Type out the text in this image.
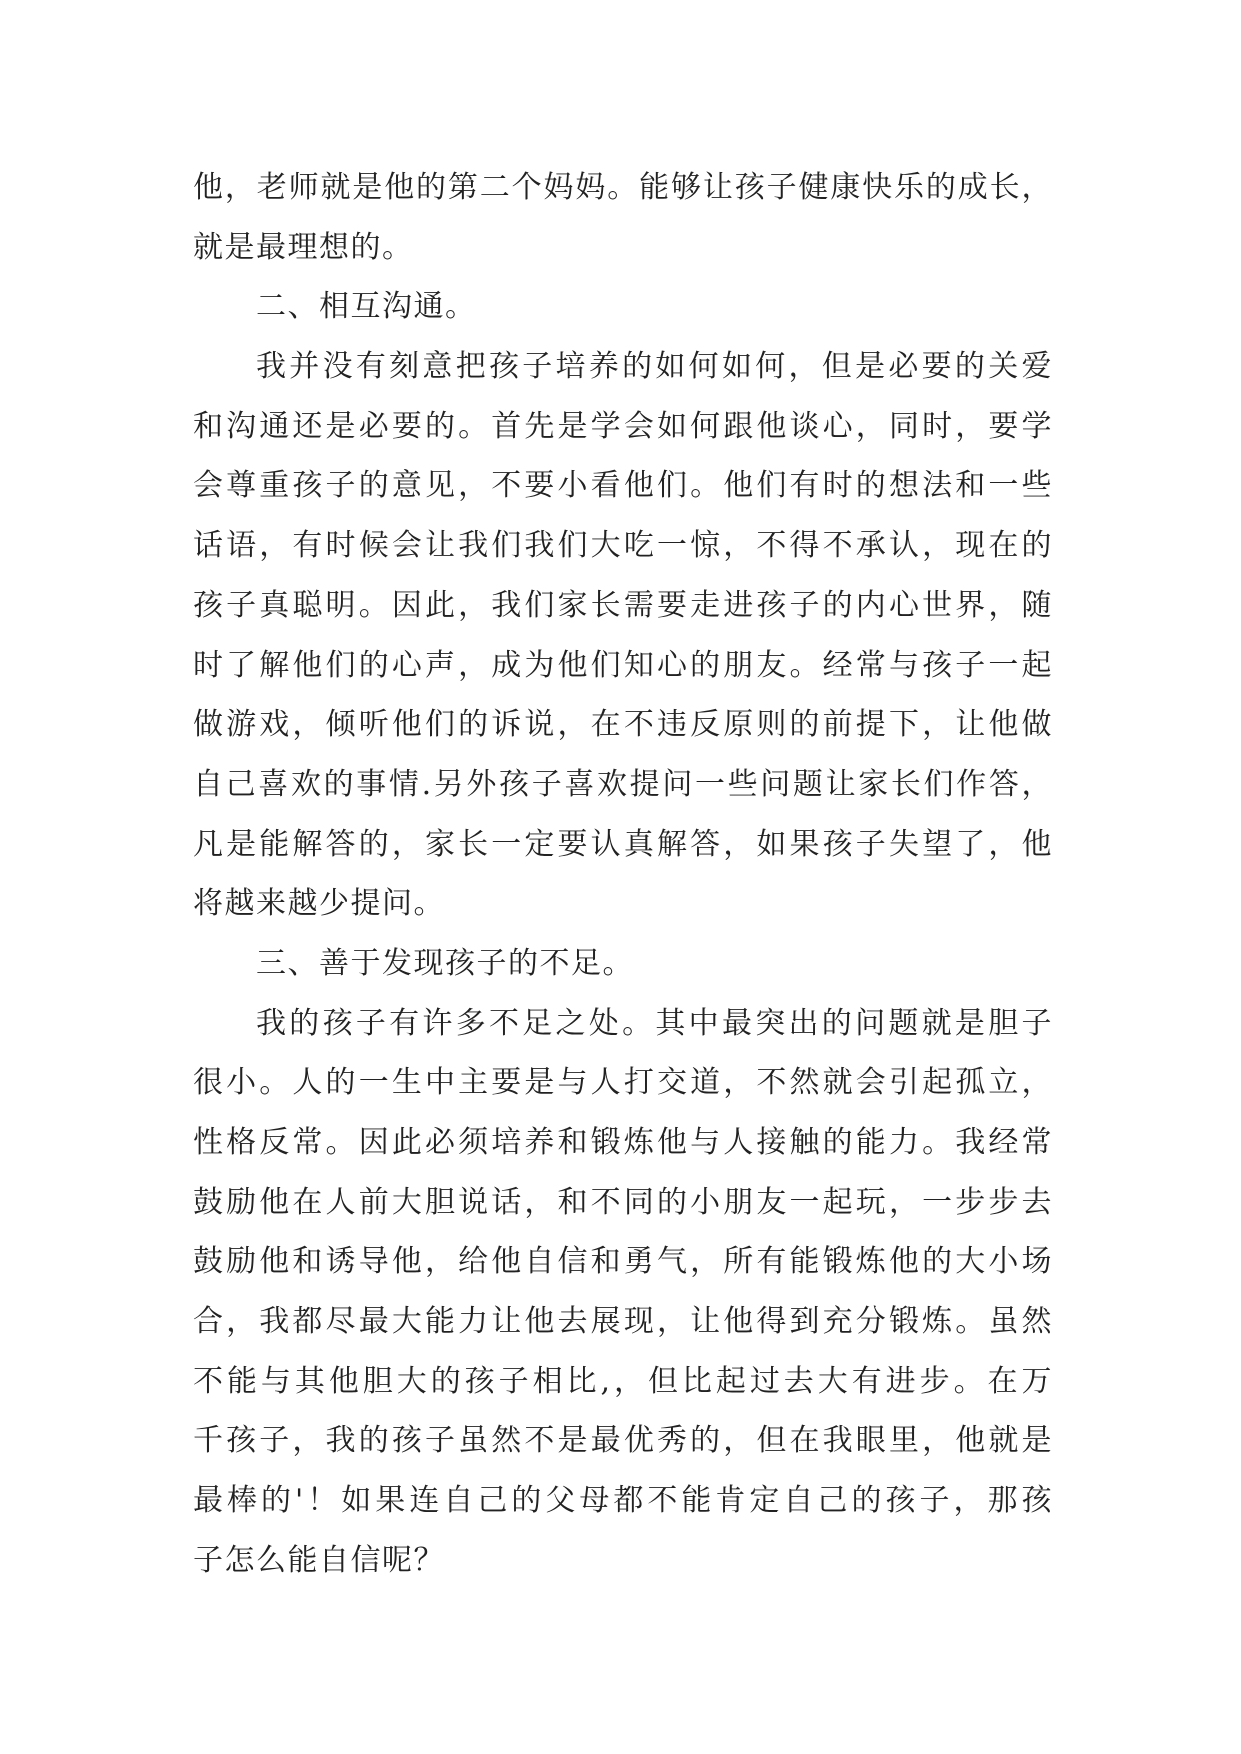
他，老师就是他的第二个妈妈。能够让孩子健康快乐的成长，
就是最理想的。
二、相互沟通。
我并没有刻意把孩子培养的如何如何，但是必要的关爱
和沟通还是必要的。首先是学会如何跟他谈心，同时，要学
会尊重孩子的意见，不要小看他们。他们有时的想法和一些
话语，有时候会让我们我们大吃一惊，不得不承认，现在的
孩子真聪明。因此，我们家长需要走进孩子的内心世界，随
时了解他们的心声，成为他们知心的朋友。经常与孩子一起
做游戏，倾听他们的诉说，在不违反原则的前提下，让他做
自己喜欢的事情.另外孩子喜欢提问一些问题让家长们作答，
凡是能解答的，家长一定要认真解答，如果孩子失望了，他
将越来越少提问。
三、善于发现孩子的不足。
我的孩子有许多不足之处。其中最突出的问题就是胆子
很小。人的一生中主要是与人打交道，不然就会引起孤立，
性格反常。因此必须培养和锻炼他与人接触的能力。我经常
鼓励他在人前大胆说话，和不同的小朋友一起玩，一步步去
鼓励他和诱导他，给他自信和勇气，所有能锻炼他的大小场
合，我都尽最大能力让他去展现，让他得到充分锻炼。虽然
不能与其他胆大的孩子相比,，但比起过去大有进步。在万
千孩子，我的孩子虽然不是最优秀的，但在我眼里，他就是
最棒的'！如果连自己的父母都不能肯定自己的孩子，那孩
子怎么能自信呢？
